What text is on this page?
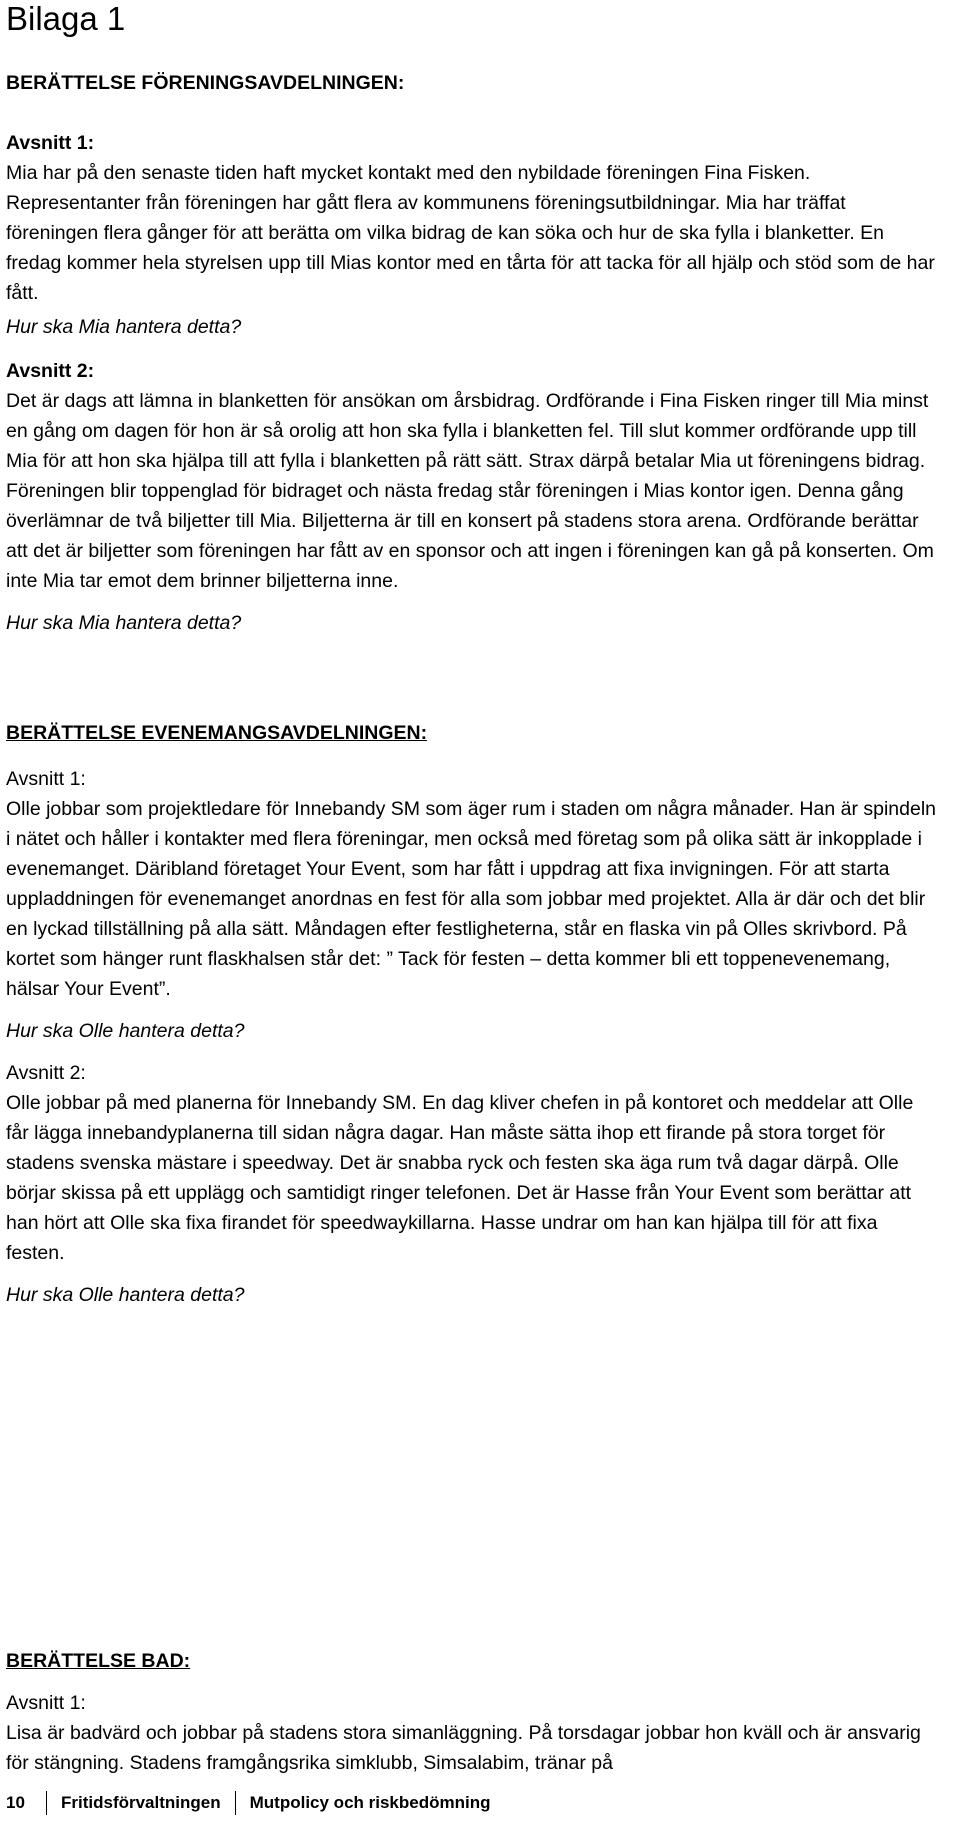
Bilaga 1
BERÄTTELSE FÖRENINGSAVDELNINGEN:
Avsnitt 1:

Mia har på den senaste tiden haft mycket kontakt med den nybildade föreningen Fina Fisken. Representanter från föreningen har gått flera av kommunens föreningsutbildningar. Mia har träffat föreningen flera gånger för att berätta om vilka bidrag de kan söka och hur de ska fylla i blanketter. En fredag kommer hela styrelsen upp till Mias kontor med en tårta för att tacka för all hjälp och stöd som de har fått.

Hur ska Mia hantera detta?
Avsnitt 2:

Det är dags att lämna in blanketten för ansökan om årsbidrag. Ordförande i Fina Fisken ringer till Mia minst en gång om dagen för hon är så orolig att hon ska fylla i blanketten fel. Till slut kommer ordförande upp till Mia för att hon ska hjälpa till att fylla i blanketten på rätt sätt. Strax därpå betalar Mia ut föreningens bidrag. Föreningen blir toppenglad för bidraget och nästa fredag står föreningen i Mias kontor igen. Denna gång överlämnar de två biljetter till Mia. Biljetterna är till en konsert på stadens stora arena. Ordförande berättar att det är biljetter som föreningen har fått av en sponsor och att ingen i föreningen kan gå på konserten. Om inte Mia tar emot dem brinner biljetterna inne.

Hur ska Mia hantera detta?
BERÄTTELSE EVENEMANGSAVDELNINGEN:
Avsnitt 1:

Olle jobbar som projektledare för Innebandy SM som äger rum i staden om några månader. Han är spindeln i nätet och håller i kontakter med flera föreningar, men också med företag som på olika sätt är inkopplade i evenemanget. Däribland företaget Your Event, som har fått i uppdrag att fixa invigningen. För att starta uppladdningen för evenemanget anordnas en fest för alla som jobbar med projektet. Alla är där och det blir en lyckad tillställning på alla sätt. Måndagen efter festligheterna, står en flaska vin på Olles skrivbord. På kortet som hänger runt flaskhalsen står det: ” Tack för festen – detta kommer bli ett toppenevenemang, hälsar Your Event”.

Hur ska Olle hantera detta?
Avsnitt 2:

Olle jobbar på med planerna för Innebandy SM. En dag kliver chefen in på kontoret och meddelar att Olle får lägga innebandyplanerna till sidan några dagar. Han måste sätta ihop ett firande på stora torget för stadens svenska mästare i speedway. Det är snabba ryck och festen ska äga rum två dagar därpå. Olle börjar skissa på ett upplägg och samtidigt ringer telefonen. Det är Hasse från Your Event som berättar att han hört att Olle ska fixa firandet för speedwaykillarna. Hasse undrar om han kan hjälpa till för att fixa festen.

Hur ska Olle hantera detta?
BERÄTTELSE BAD:
Avsnitt 1:

Lisa är badvärd och jobbar på stadens stora simanläggning. På torsdagar jobbar hon kväll och är ansvarig för stängning. Stadens framgångsrika simklubb, Simsalabim, tränar på

10	Fritidsförvaltningen Mutpolicy och riskbedömning
